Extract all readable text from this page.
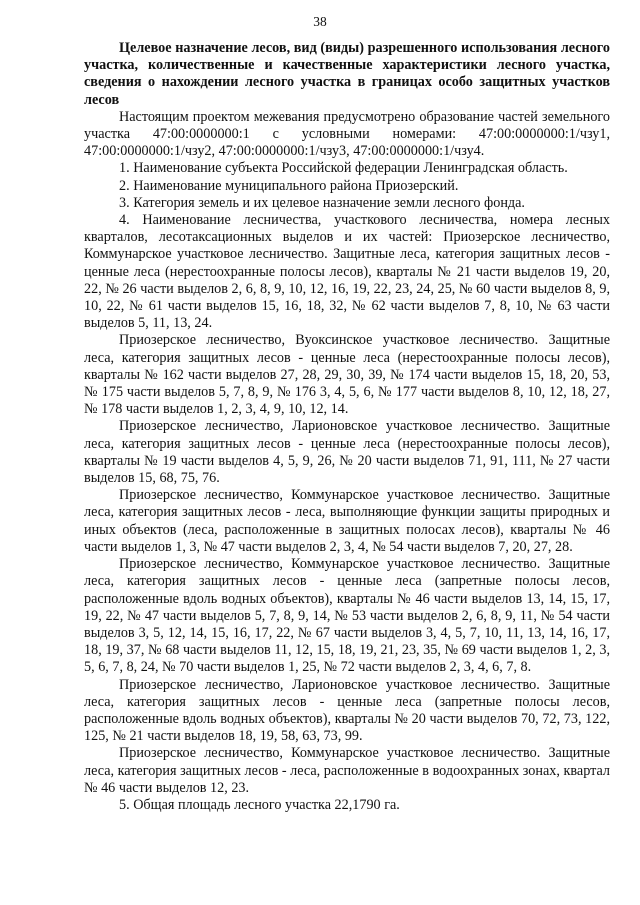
38

Целевое назначение лесов, вид (виды) разрешенного использования лесного участка, количественные и качественные характеристики лесного участка, сведения о нахождении лесного участка в границах особо защитных участков лесов

Настоящим проектом межевания предусмотрено образование частей земельного участка 47:00:0000000:1 с условными номерами: 47:00:0000000:1/чзу1, 47:00:0000000:1/чзу2, 47:00:0000000:1/чзу3, 47:00:0000000:1/чзу4.

1. Наименование субъекта Российской федерации Ленинградская область.

2. Наименование муниципального района Приозерский.

3. Категория земель и их целевое назначение земли лесного фонда.

4. Наименование лесничества, участкового лесничества, номера лесных кварталов, лесотаксационных выделов и их частей: Приозерское лесничество, Коммунарское участковое лесничество. Защитные леса, категория защитных лесов - ценные леса (нерестоохранные полосы лесов), кварталы № 21 части выделов 19, 20, 22, № 26 части выделов 2, 6, 8, 9, 10, 12, 16, 19, 22, 23, 24, 25, № 60 части выделов 8, 9, 10, 22, № 61 части выделов 15, 16, 18, 32, № 62 части выделов 7, 8, 10, № 63 части выделов 5, 11, 13, 24.

Приозерское лесничество, Вуоксинское участковое лесничество. Защитные леса, категория защитных лесов - ценные леса (нерестоохранные полосы лесов), кварталы № 162 части выделов 27, 28, 29, 30, 39, № 174 части выделов 15, 18, 20, 53, № 175 части выделов 5, 7, 8, 9, № 176 3, 4, 5, 6, № 177 части выделов 8, 10, 12, 18, 27, № 178 части выделов 1, 2, 3, 4, 9, 10, 12, 14.

Приозерское лесничество, Ларионовское участковое лесничество. Защитные леса, категория защитных лесов - ценные леса (нерестоохранные полосы лесов), кварталы № 19 части выделов 4, 5, 9, 26, № 20 части выделов 71, 91, 111, № 27 части выделов 15, 68, 75, 76.

Приозерское лесничество, Коммунарское участковое лесничество. Защитные леса, категория защитных лесов - леса, выполняющие функции защиты природных и иных объектов (леса, расположенные в защитных полосах лесов), кварталы № 46 части выделов 1, 3, № 47 части выделов 2, 3, 4, № 54 части выделов 7, 20, 27, 28.

Приозерское лесничество, Коммунарское участковое лесничество. Защитные леса, категория защитных лесов - ценные леса (запретные полосы лесов, расположенные вдоль водных объектов), кварталы № 46 части выделов 13, 14, 15, 17, 19, 22, № 47 части выделов 5, 7, 8, 9, 14, № 53 части выделов 2, 6, 8, 9, 11, № 54 части выделов 3, 5, 12, 14, 15, 16, 17, 22, № 67 части выделов 3, 4, 5, 7, 10, 11, 13, 14, 16, 17, 18, 19, 37, № 68 части выделов 11, 12, 15, 18, 19, 21, 23, 35, № 69 части выделов 1, 2, 3, 5, 6, 7, 8, 24, № 70 части выделов 1, 25, № 72 части выделов 2, 3, 4, 6, 7, 8.

Приозерское лесничество, Ларионовское участковое лесничество. Защитные леса, категория защитных лесов - ценные леса (запретные полосы лесов, расположенные вдоль водных объектов), кварталы № 20 части выделов 70, 72, 73, 122, 125, № 21 части выделов 18, 19, 58, 63, 73, 99.

Приозерское лесничество, Коммунарское участковое лесничество. Защитные леса, категория защитных лесов - леса, расположенные в водоохранных зонах, квартал № 46 части выделов 12, 23.

5. Общая площадь лесного участка 22,1790 га.
